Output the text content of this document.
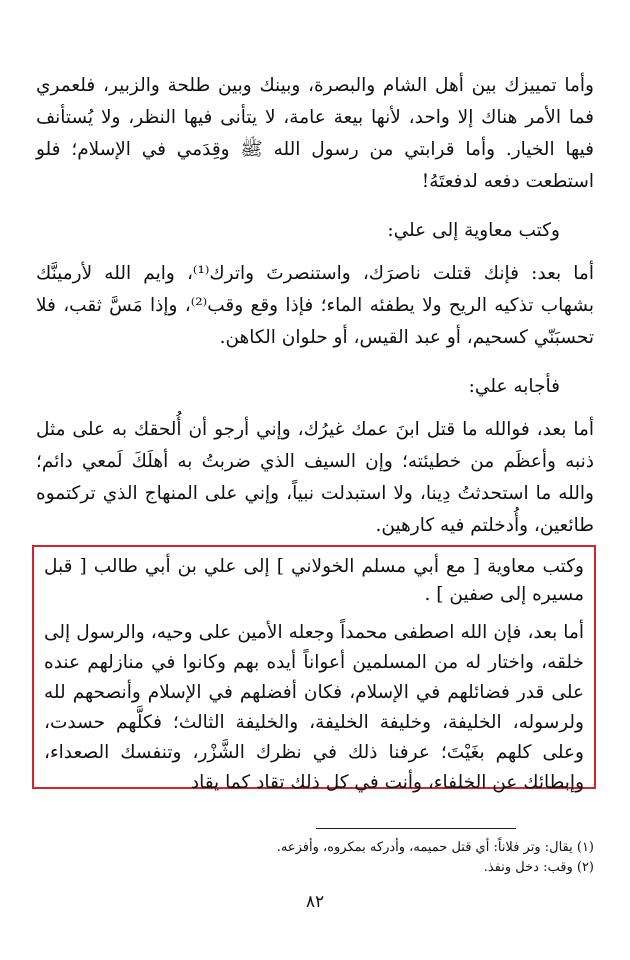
وأما تمييزك بين أهل الشام والبصرة، وبينك وبين طلحة والزبير، فلعمري فما الأمر هناك إلا واحد، لأنها بيعة عامة، لا يتأنى فيها النظر، ولا يُستأنف فيها الخيار. وأما قرابتي من رسول الله ﷺ وقِدَمي في الإسلام؛ فلو استطعت دفعه لدفعتَهُ!

وكتب معاوية إلى علي:

أما بعد: فإنك قتلت ناصرَك، واستنصرتَ واترك⁽¹⁾، وايم الله لأرمينَّك بشهاب تذكيه الريح ولا يطفئه الماء؛ فإذا وقع وقب⁽²⁾، وإذا مَسَّ ثقب، فلا تحسبَنّي كسحيم، أو عبد القيس، أو حلوان الكاهن.

فأجابه علي:

أما بعد، فوالله ما قتل ابنَ عمك غيرُك، وإني أرجو أن أُلحقك به على مثل ذنبه وأعظَم من خطيئته؛ وإن السيف الذي ضربتُ به أهلَكَ لَمعي دائم؛ والله ما استحدثتُ دِينا، ولا استبدلت نبياً، وإني على المنهاج الذي تركتموه طائعين، وأُدخلتم فيه كارهين.

وكتب معاوية [ مع أبي مسلم الخولاني ] إلى علي بن أبي طالب [ قبل مسيره إلى صفين ] .

أما بعد، فإن الله اصطفى محمداً وجعله الأمين على وحيه، والرسول إلى خلقه، واختار له من المسلمين أعواناً أيده بهم وكانوا في منازلهم عنده على قدر فضائلهم في الإسلام، فكان أفضلهم في الإسلام وأنصحهم لله ولرسوله، الخليفة، وخليفة الخليفة، والخليفة الثالث؛ فكلَّهم حسدت، وعلى كلهم بغَيْتَ؛ عرفنا ذلك في نظرك الشَّزْر، وتنفسك الصعداء، وإبطائك عن الخلفاء، وأنت في كل ذلك تقاد كما يقاد

(١) يقال: وتر فلاناً: أي قتل حميمه، وأدركه بمكروه، وأفزعه.

(٢) وقب: دخل ونفذ.

٨٢
